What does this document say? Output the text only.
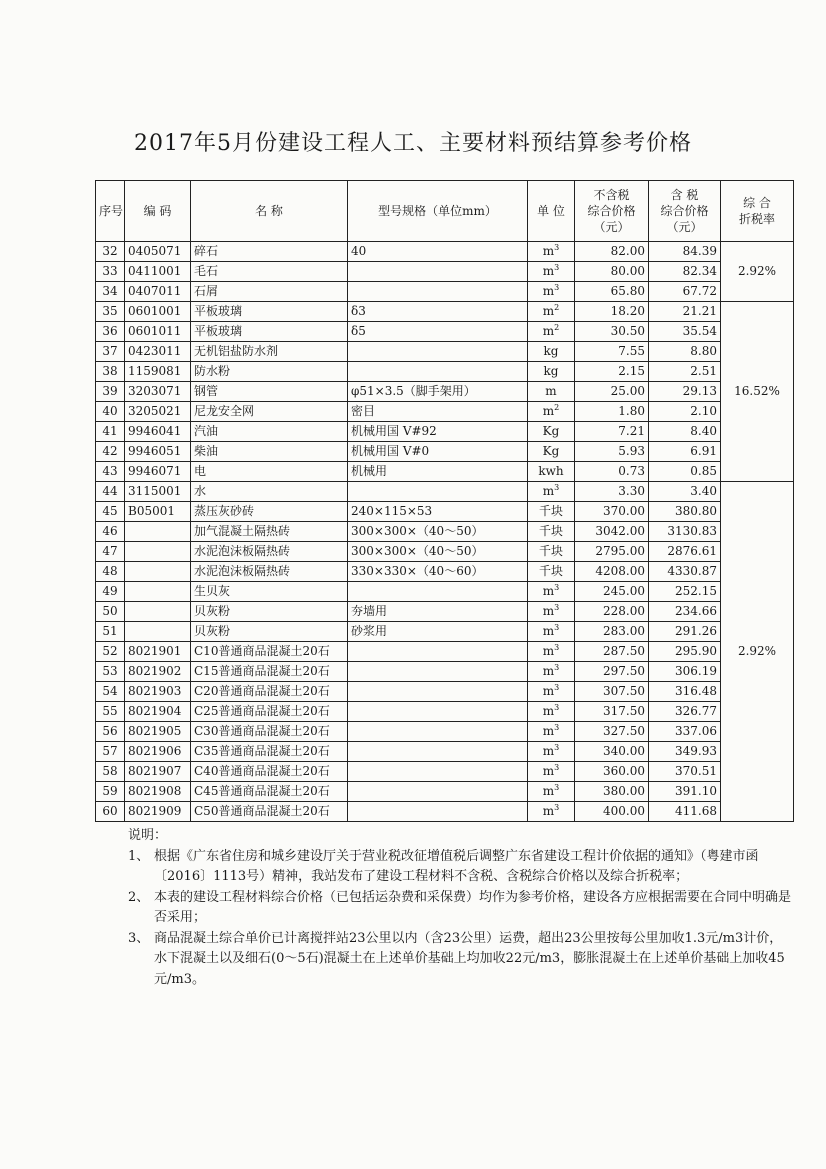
2017年5月份建设工程人工、主要材料预结算参考价格
序号	编 码	名 称	型号规格（单位mm）	单 位	不含税
综合价格
（元）	含 税
综合价格
（元）	综 合
折税率
32	0405071	碎石	40	$m^3$	82.00	84.39	2.92%
33	0411001	毛石		$m^3$	80.00	82.34	
34	0407011	石屑		$m^3$	65.80	67.72	
35	0601001	平板玻璃	δ3	$m^2$	18.20	21.21	16.52%
36	0601011	平板玻璃	δ5	$m^2$	30.50	35.54	
37	0423011	无机铝盐防水剂		kg	7.55	8.80	
38	1159081	防水粉		kg	2.15	2.51	
39	3203071	钢管	φ51×3.5（脚手架用）	m	25.00	29.13	
40	3205021	尼龙安全网	密目	$m^2$	1.80	2.10	
41	9946041	汽油	机械用国 V#92	Kg	7.21	8.40	
42	9946051	柴油	机械用国 V#0	Kg	5.93	6.91	
43	9946071	电	机械用	kwh	0.73	0.85	
44	3115001	水		$m^3$	3.30	3.40	2.92%
45	B05001	蒸压灰砂砖	240×115×53	千块	370.00	380.80	
46		加气混凝土隔热砖	300×300×（40～50）	千块	3042.00	3130.83	
47		水泥泡沫板隔热砖	300×300×（40～50）	千块	2795.00	2876.61	
48		水泥泡沫板隔热砖	330×330×（40～60）	千块	4208.00	4330.87	
49		生贝灰		$m^3$	245.00	252.15	
50		贝灰粉	夯墙用	$m^3$	228.00	234.66	
51		贝灰粉	砂浆用	$m^3$	283.00	291.26	
52	8021901	C10普通商品混凝土20石		$m^3$	287.50	295.90	
53	8021902	C15普通商品混凝土20石		$m^3$	297.50	306.19	
54	8021903	C20普通商品混凝土20石		$m^3$	307.50	316.48	
55	8021904	C25普通商品混凝土20石		$m^3$	317.50	326.77	
56	8021905	C30普通商品混凝土20石		$m^3$	327.50	337.06	
57	8021906	C35普通商品混凝土20石		$m^3$	340.00	349.93	
58	8021907	C40普通商品混凝土20石		$m^3$	360.00	370.51	
59	8021908	C45普通商品混凝土20石		$m^3$	380.00	391.10	
60	8021909	C50普通商品混凝土20石		$m^3$	400.00	411.68	
说明：
1、 根据《广东省住房和城乡建设厅关于营业税改征增值税后调整广东省建设工程计价依据的通知》（粤建市函〔2016〕1113号）精神，我站发布了建设工程材料不含税、含税综合价格以及综合折税率；
2、 本表的建设工程材料综合价格（已包括运杂费和采保费）均作为参考价格，建设各方应根据需要在合同中明确是否采用；
3、 商品混凝土综合单价已计离搅拌站23公里以内（含23公里）运费，超出23公里按每公里加收1.3元/m3计价，水下混凝土以及细石(0～5石)混凝土在上述单价基础上均加收22元/m3，膨胀混凝土在上述单价基础上加收45元/m3。
